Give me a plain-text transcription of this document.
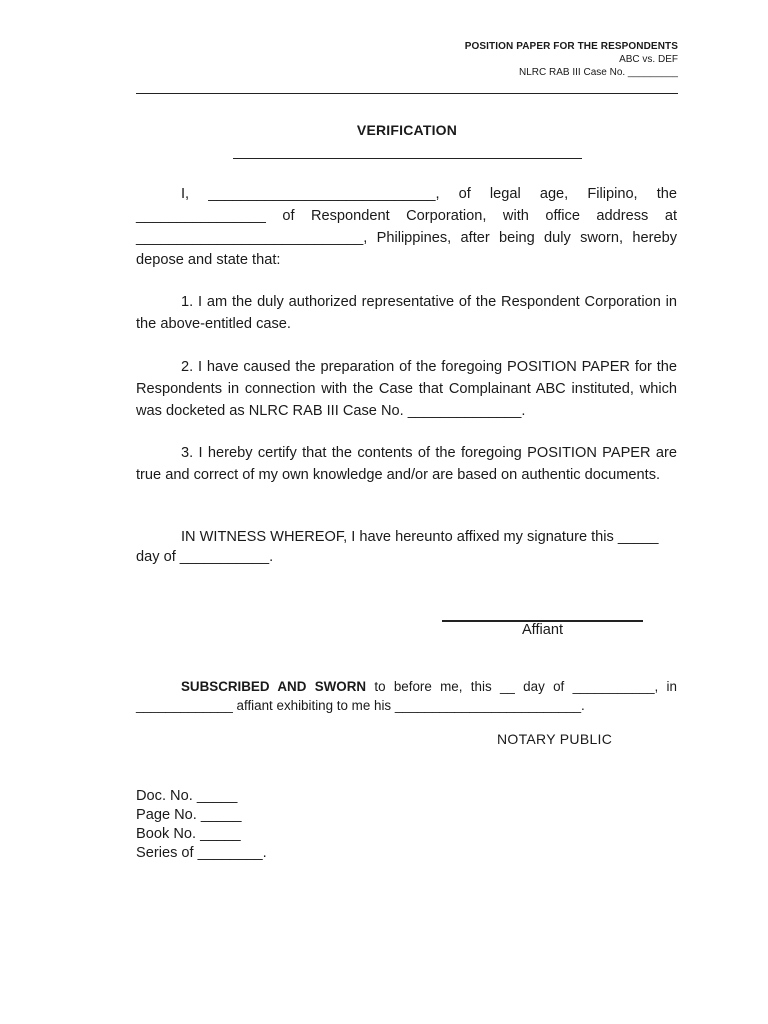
POSITION PAPER FOR THE RESPONDENTS
ABC vs. DEF
NLRC RAB III Case No. _________
VERIFICATION

I, ____________________________, of legal age, Filipino, the ________________ of Respondent Corporation, with office address at ____________________________, Philippines, after being duly sworn, hereby depose and state that:

1. I am the duly authorized representative of the Respondent Corporation in the above-entitled case.

2. I have caused the preparation of the foregoing POSITION PAPER for the Respondents in connection with the Case that Complainant ABC instituted, which was docketed as NLRC RAB III Case No. ______________.

3. I hereby certify that the contents of the foregoing POSITION PAPER are true and correct of my own knowledge and/or are based on authentic documents.

IN WITNESS WHEREOF, I have hereunto affixed my signature this _____ day of ___________.

Affiant

SUBSCRIBED AND SWORN to before me, this __ day of ___________, in _____________ affiant exhibiting to me his _________________________.

NOTARY PUBLIC
Doc. No. _____
Page No. _____
Book No. _____
Series of ________.
